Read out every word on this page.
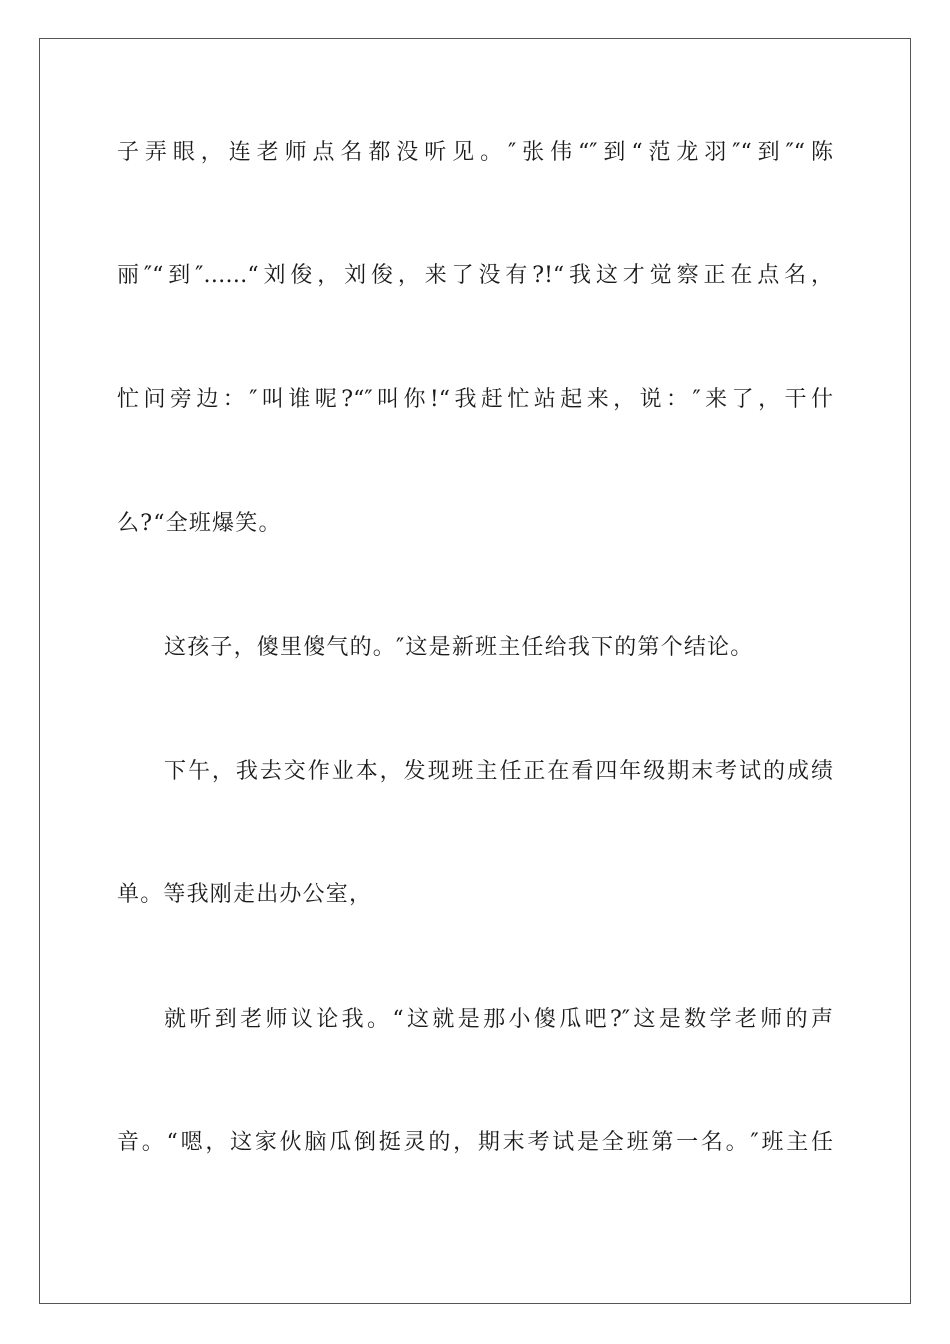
子弄眼，连老师点名都没听见。″张伟“″到“范龙羽″“到″“陈
丽″“到″……“刘俊，刘俊，来了没有?!“我这才觉察正在点名，
忙问旁边：″叫谁呢?“″叫你!“我赶忙站起来，说：″来了，干什
么?“全班爆笑。
这孩子，傻里傻气的。″这是新班主任给我下的第个结论。
下午，我去交作业本，发现班主任正在看四年级期末考试的成绩
单。等我刚走出办公室，
就听到老师议论我。“这就是那小傻瓜吧?″这是数学老师的声
音。“嗯，这家伙脑瓜倒挺灵的，期末考试是全班第一名。″班主任
